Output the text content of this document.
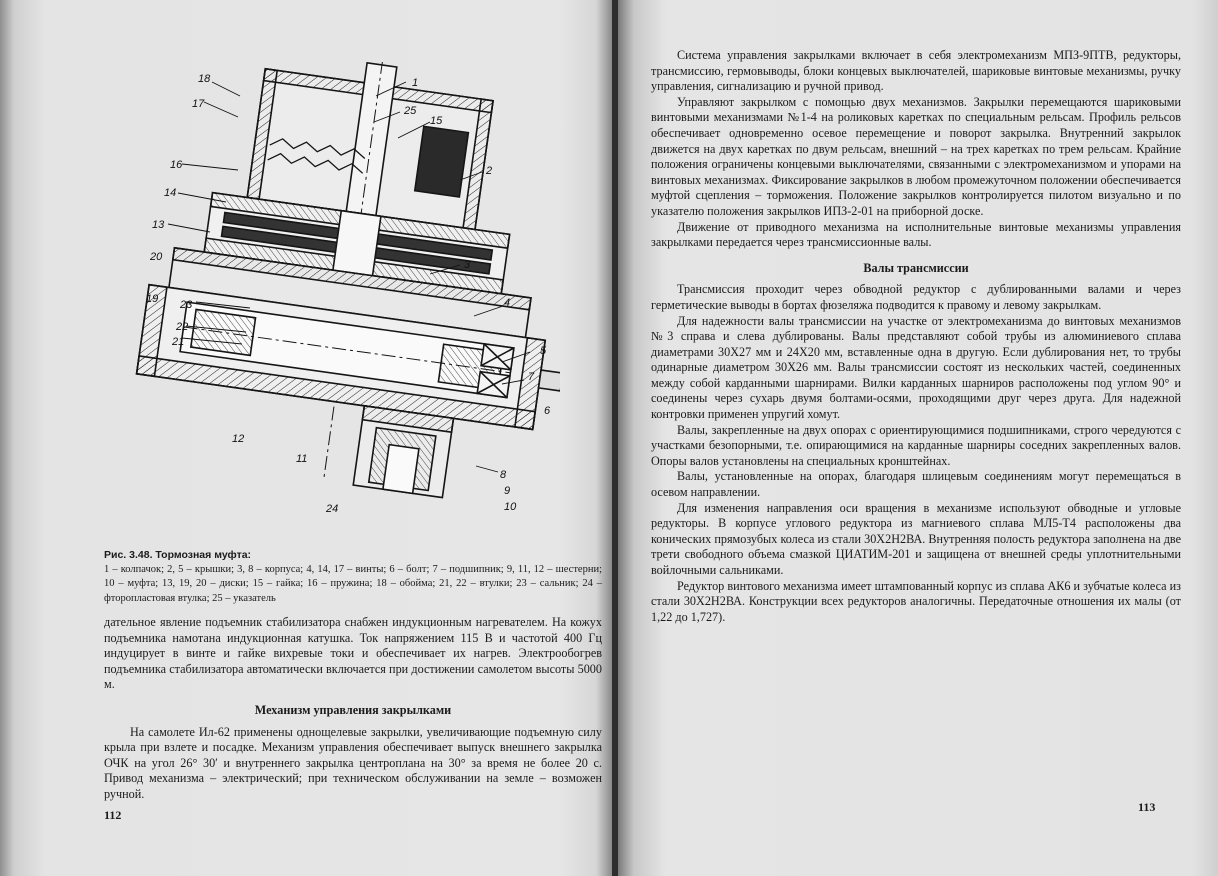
18
17
16
14
13
20
19 23
22
21
12
11
24
1
25
15
2
3
4
5
7
6
8
9
10
Рис. 3.48. Тормозная муфта:
1 – колпачок; 2, 5 – крышки; 3, 8 – корпуса; 4, 14, 17 – винты; 6 – болт; 7 – подшипник; 9, 11, 12 – шестерни; 10 – муфта; 13, 19, 20 – диски; 15 – гайка; 16 – пружина; 18 – обойма; 21, 22 – втулки; 23 – сальник; 24 – фторопластовая втулка; 25 – указатель

дательное явление подъемник стабилизатора снабжен индукционным нагревателем. На кожух подъемника намотана индукционная катушка. Ток напряжением 115 В и частотой 400 Гц индуцирует в винте и гайке вихревые токи и обеспечивает их нагрев. Электрообогрев подъемника стабилизатора автоматически включается при достижении самолетом высоты 5000 м.

Механизм управления закрылками

На самолете Ил-62 применены однощелевые закрылки, увеличивающие подъемную силу крыла при взлете и посадке. Механизм управления обеспечивает выпуск внешнего закрылка ОЧК на угол 26° 30′ и внутреннего закрылка центроплана на 30° за время не более 20 с. Привод механизма – электрический; при техническом обслуживании на земле – возможен ручной.

112

Система управления закрылками включает в себя электромеханизм МПЗ-9ПТВ, редукторы, трансмиссию, гермовыводы, блоки концевых выключателей, шариковые винтовые механизмы, ручку управления, сигнализацию и ручной привод.

Управляют закрылком с помощью двух механизмов. Закрылки перемещаются шариковыми винтовыми механизмами №1-4 на роликовых каретках по специальным рельсам. Профиль рельсов обеспечивает одновременно осевое перемещение и поворот закрылка. Внутренний закрылок движется на двух каретках по двум рельсам, внешний – на трех каретках по трем рельсам. Крайние положения ограничены концевыми выключателями, связанными с электромеханизмом и упорами на винтовых механизмах. Фиксирование закрылков в любом промежуточном положении обеспечивается муфтой сцепления – торможения. Положение закрылков контролируется пилотом визуально и по указателю положения закрылков ИПЗ-2-01 на приборной доске.

Движение от приводного механизма на исполнительные винтовые механизмы управления закрылками передается через трансмиссионные валы.

Валы трансмиссии

Трансмиссия проходит через обводной редуктор с дублированными валами и через герметические выводы в бортах фюзеляжа подводится к правому и левому закрылкам.

Для надежности валы трансмиссии на участке от электромеханизма до винтовых механизмов №3 справа и слева дублированы. Валы представляют собой трубы из алюминиевого сплава диаметрами 30Х27 мм и 24Х20 мм, вставленные одна в другую. Если дублирования нет, то трубы одинарные диаметром 30Х26 мм. Валы трансмиссии состоят из нескольких частей, соединенных между собой карданными шарнирами. Вилки карданных шарниров расположены под углом 90° и соединены через сухарь двумя болтами-осями, проходящими друг через друга. Для надежной контровки применен упругий хомут.

Валы, закрепленные на двух опорах с ориентирующимися подшипниками, строго чередуются с участками безопорными, т.е. опирающимися на карданные шарниры соседних закрепленных валов. Опоры валов установлены на специальных кронштейнах.

Валы, установленные на опорах, благодаря шлицевым соединениям могут перемещаться в осевом направлении.

Для изменения направления оси вращения в механизме используют обводные и угловые редукторы. В корпусе углового редуктора из магниевого сплава МЛ5-Т4 расположены два конических прямозубых колеса из стали 30Х2Н2ВА. Внутренняя полость редуктора заполнена на две трети свободного объема смазкой ЦИАТИМ-201 и защищена от внешней среды уплотнительными войлочными сальниками.

Редуктор винтового механизма имеет штампованный корпус из сплава АК6 и зубчатые колеса из стали 30Х2Н2ВА. Конструкции всех редукторов аналогичны. Передаточные отношения их малы (от 1,22 до 1,727).

113
